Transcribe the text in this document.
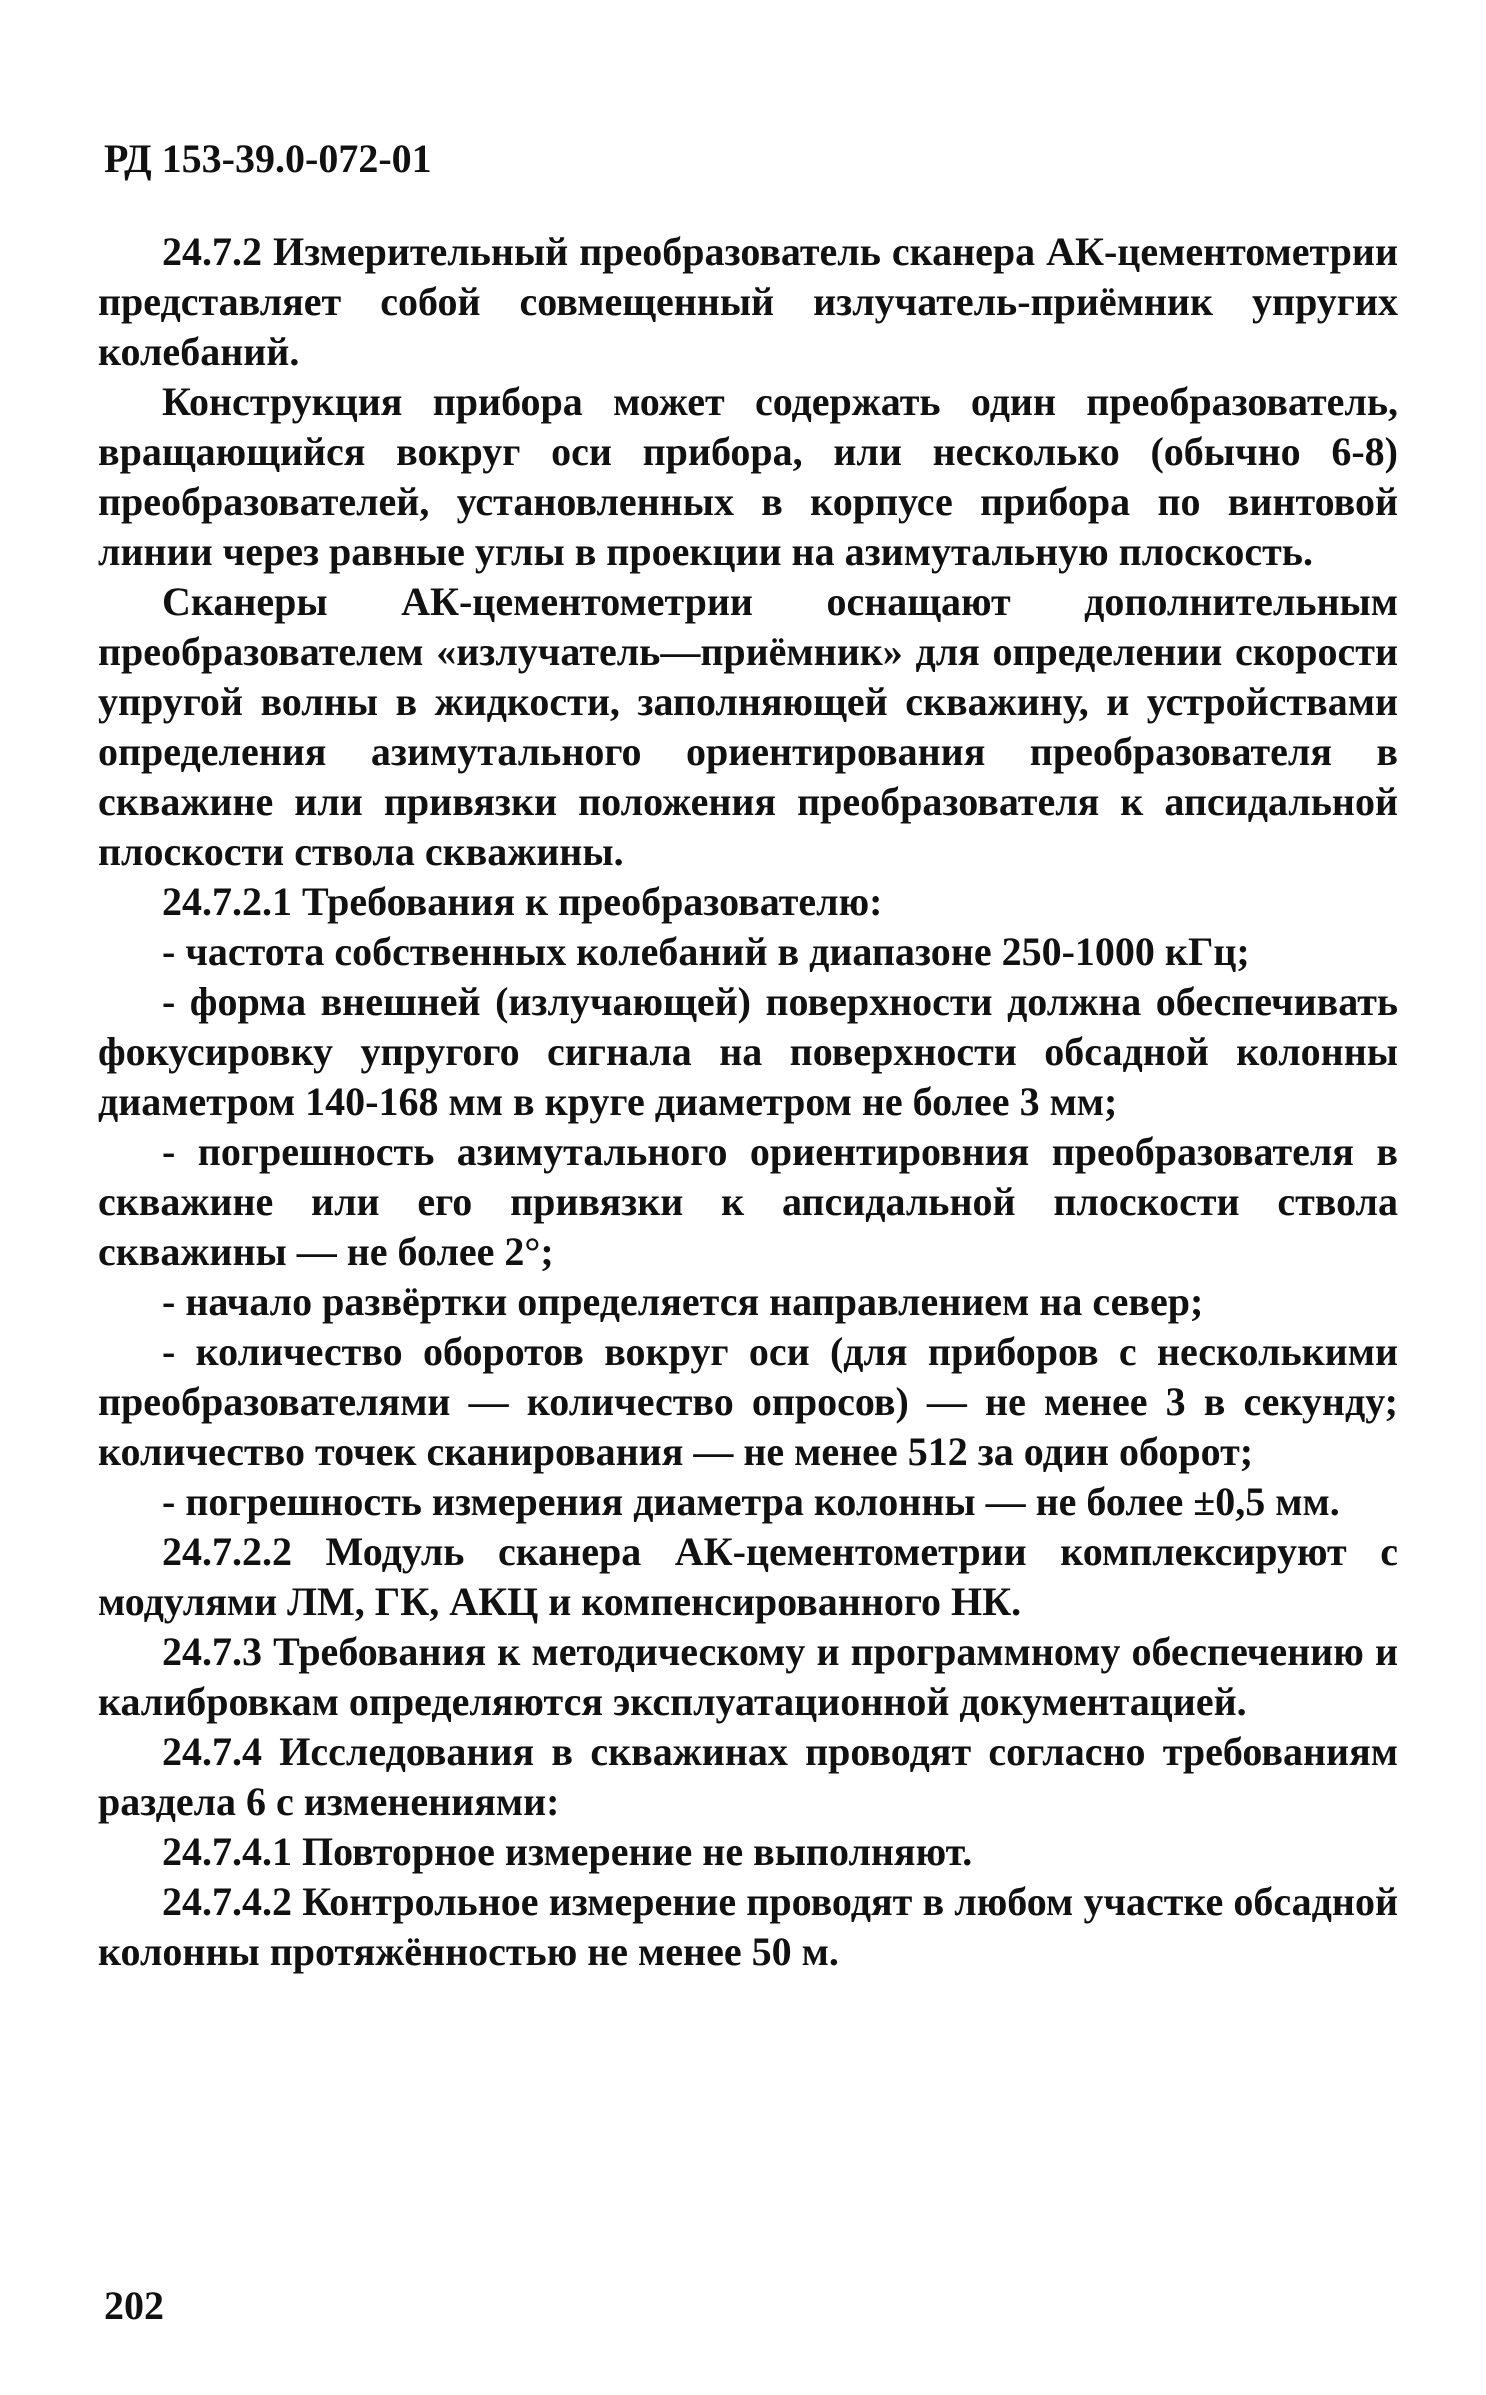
РД 153-39.0-072-01

24.7.2 Измерительный преобразователь сканера АК-цементометрии представляет собой совмещенный излучатель-приёмник упругих колебаний.

Конструкция прибора может содержать один преобразователь, вращающийся вокруг оси прибора, или несколько (обычно 6-8) преобразователей, установленных в корпусе прибора по винтовой линии через равные углы в проекции на азимутальную плоскость.

Сканеры АК-цементометрии оснащают дополнительным преобразователем «излучатель—приёмник» для определении скорости упругой волны в жидкости, заполняющей скважину, и устройствами определения азимутального ориентирования преобразователя в скважине или привязки положения преобразователя к апсидальной плоскости ствола скважины.

24.7.2.1 Требования к преобразователю:

- частота собственных колебаний в диапазоне 250-1000 кГц;

- форма внешней (излучающей) поверхности должна обеспечивать фокусировку упругого сигнала на поверхности обсадной колонны диаметром 140-168 мм в круге диаметром не более 3 мм;

- погрешность азимутального ориентировния преобразователя в скважине или его привязки к апсидальной плоскости ствола скважины — не более 2°;

- начало развёртки определяется направлением на север;

- количество оборотов вокруг оси (для приборов с несколькими преобразователями — количество опросов) — не менее 3 в секунду; количество точек сканирования — не менее 512 за один оборот;

- погрешность измерения диаметра колонны — не более ±0,5 мм.

24.7.2.2 Модуль сканера АК-цементометрии комплексируют с модулями ЛМ, ГК, АКЦ и компенсированного НК.

24.7.3 Требования к методическому и программному обеспечению и калибровкам определяются эксплуатационной документацией.

24.7.4 Исследования в скважинах проводят согласно требованиям раздела 6 с изменениями:

24.7.4.1 Повторное измерение не выполняют.

24.7.4.2 Контрольное измерение проводят в любом участке обсадной колонны протяжённостью не менее 50 м.

202
